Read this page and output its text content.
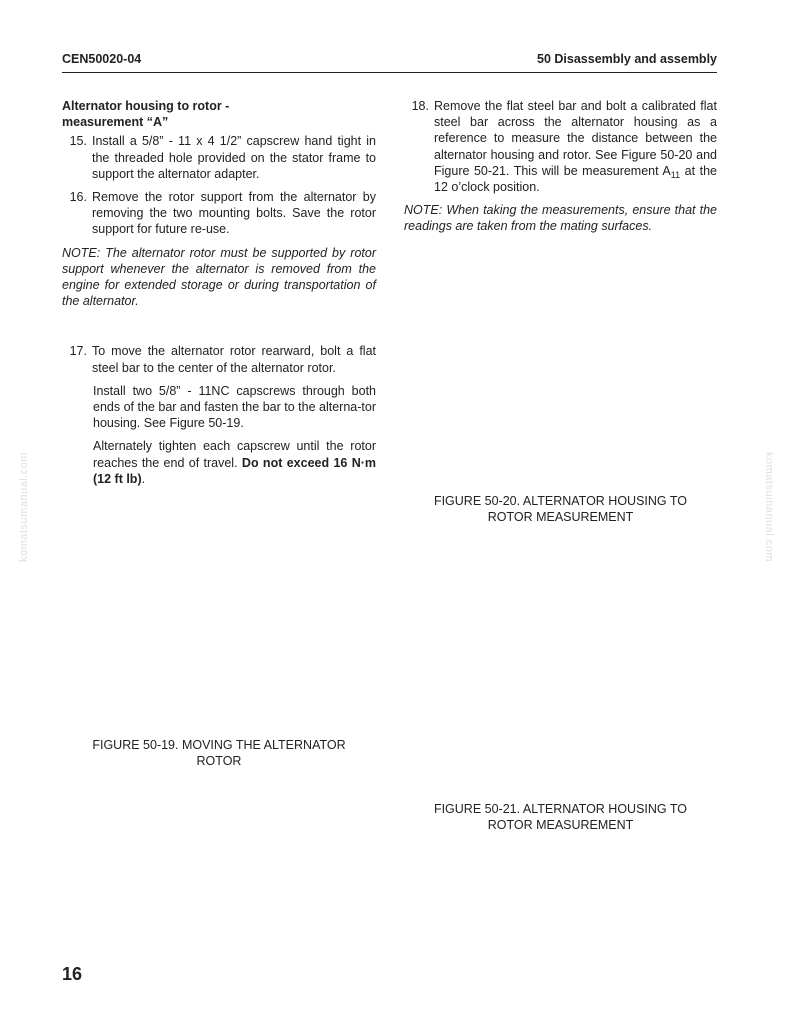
CEN50020-04	50 Disassembly and assembly
Alternator housing to rotor -
measurement “A”
15. Install a 5/8” - 11 x 4 1/2” capscrew hand tight in the threaded hole provided on the stator frame to support the alternator adapter.
16. Remove the rotor support from the alternator by removing the two mounting bolts. Save the rotor support for future re-use.
NOTE: The alternator rotor must be supported by rotor support whenever the alternator is removed from the engine for extended storage or during transportation of the alternator.
17. To move the alternator rotor rearward, bolt a flat steel bar to the center of the alternator rotor.
Install two 5/8” - 11NC capscrews through both ends of the bar and fasten the bar to the alterna-tor housing. See Figure 50-19.
Alternately tighten each capscrew until the rotor reaches the end of travel. Do not exceed 16 N·m (12 ft lb).
18. Remove the flat steel bar and bolt a calibrated flat steel bar across the alternator housing as a reference to measure the distance between the alternator housing and rotor. See Figure 50-20 and Figure 50-21. This will be measurement $A_{11}$ at the 12 o’clock position.
NOTE: When taking the measurements, ensure that the readings are taken from the mating surfaces.
FIGURE 50-19. MOVING THE ALTERNATOR
ROTOR
FIGURE 50-20. ALTERNATOR HOUSING TO
ROTOR MEASUREMENT
FIGURE 50-21. ALTERNATOR HOUSING TO
ROTOR MEASUREMENT
komatsumanual.com	komatsumanual.com
16
